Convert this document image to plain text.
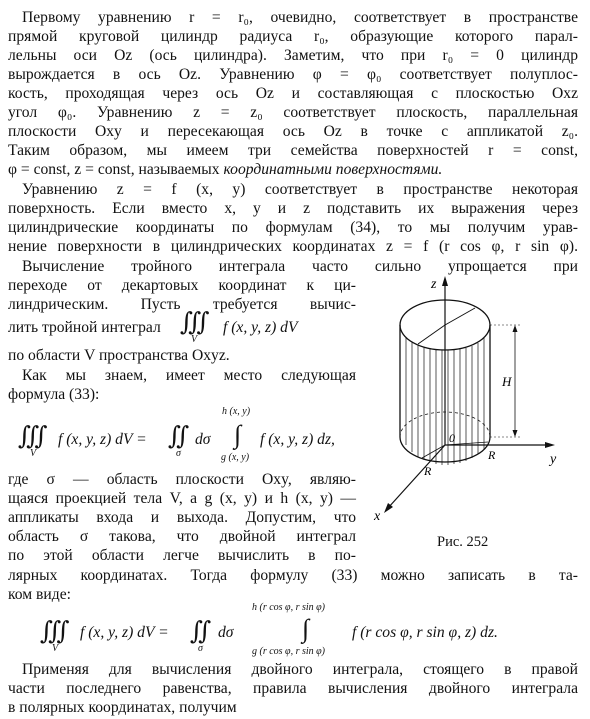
Первому уравнению r = r₀, очевидно, соответствует в пространстве
прямой круговой цилиндр радиуса r₀, образующие которого парал-
лельны оси Oz (ось цилиндра). Заметим, что при r₀ = 0 цилиндр
вырождается в ось Oz. Уравнению φ = φ₀ соответствует полуплос-
кость, проходящая через ось Oz и составляющая с плоскостью Oxz
угол φ₀. Уравнению z = z₀ соответствует плоскость, параллельная
плоскости Oxy и пересекающая ось Oz в точке с аппликатой z₀.
Таким образом, мы имеем три семейства поверхностей r = const,
φ = const, z = const, называемых координатными поверхностями.
Уравнению z = f (x, y) соответствует в пространстве некоторая
поверхность. Если вместо x, y и z подставить их выражения через
цилиндрические координаты по формулам (34), то мы получим урав-
нение поверхности в цилиндрических координатах z = f (r cos φ, r sin φ).
Вычисление тройного интеграла часто сильно упрощается при
переходе от декартовых координат к ци-
линдрическим. Пусть требуется вычис-
лить тройной интеграл ∭
V
f (x, y, z) dV
по области V пространства Oxyz.
Как мы знаем, имеет место следующая
формула (33):
∭
V
f (x, y, z) dV = ∬
σ
dσ
h (x, y)
∫
g (x, y)
f (x, y, z) dz,
где σ — область плоскости Oxy, являю-
щаяся проекцией тела V, а g (x, y) и h (x, y) —
аппликаты входа и выхода. Допустим, что
область σ такова, что двойной интеграл
по этой области легче вычислить в по-
лярных координатах. Тогда формулу (33) можно записать в та-
ком виде:
∭
V
f (x, y, z) dV = ∬
σ
dσ
h (r cos φ, r sin φ)
∫
g (r cos φ, r sin φ)
f (r cos φ, r sin φ, z) dz.
Применяя для вычисления двойного интеграла, стоящего в правой
части последнего равенства, правила вычисления двойного интеграла
в полярных координатах, получим
z
y
x
H
R
R
0
Рис. 252
